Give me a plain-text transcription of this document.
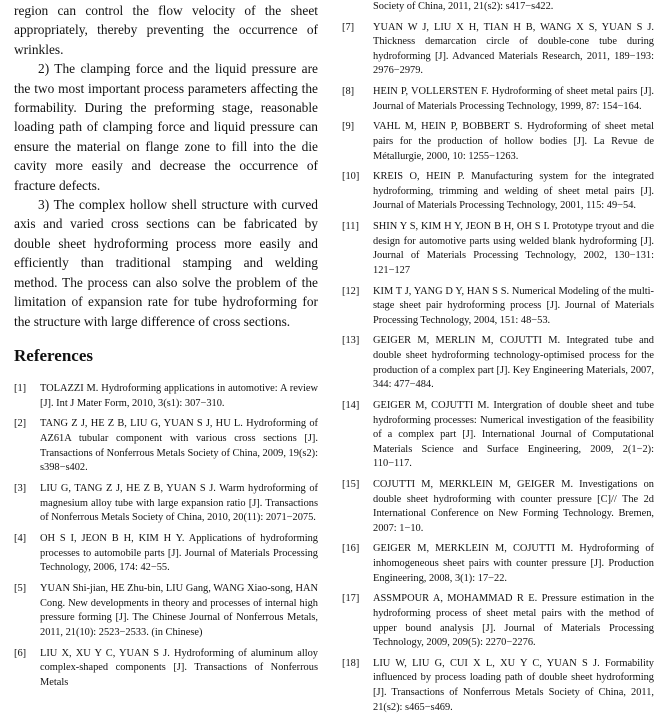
region can control the flow velocity of the sheet appropriately, thereby preventing the occurrence of wrinkles.

2) The clamping force and the liquid pressure are the two most important process parameters affecting the formability. During the preforming stage, reasonable loading path of clamping force and liquid pressure can ensure the material on flange zone to fill into the die cavity more easily and decrease the occurrence of fracture defects.

3) The complex hollow shell structure with curved axis and varied cross sections can be fabricated by double sheet hydroforming process more easily and efficiently than traditional stamping and welding method. The process can also solve the problem of the limitation of expansion rate for tube hydroforming for the structure with large difference of cross sections.

References
[1]	TOLAZZI M. Hydroforming applications in automotive: A review [J]. Int J Mater Form, 2010, 3(s1): 307−310.
[2]	TANG Z J, HE Z B, LIU G, YUAN S J, HU L. Hydroforming of AZ61A tubular component with various cross sections [J]. Transactions of Nonferrous Metals Society of China, 2009, 19(s2): s398−s402.
[3]	LIU G, TANG Z J, HE Z B, YUAN S J. Warm hydroforming of magnesium alloy tube with large expansion ratio [J]. Transactions of Nonferrous Metals Society of China, 2010, 20(11): 2071−2075.
[4]	OH S I, JEON B H, KIM H Y. Applications of hydroforming processes to automobile parts [J]. Journal of Materials Processing Technology, 2006, 174: 42−55.
[5]	YUAN Shi-jian, HE Zhu-bin, LIU Gang, WANG Xiao-song, HAN Cong. New developments in theory and processes of internal high pressure forming [J]. The Chinese Journal of Nonferrous Metals, 2011, 21(10): 2523−2533. (in Chinese)
[6]	LIU X, XU Y C, YUAN S J. Hydroforming of aluminum alloy complex-shaped components [J]. Transactions of Nonferrous Metals
Society of China, 2011, 21(s2): s417−s422.
[7]	YUAN W J, LIU X H, TIAN H B, WANG X S, YUAN S J. Thickness demarcation circle of double-cone tube during hydroforming [J]. Advanced Materials Research, 2011, 189−193: 2976−2979.
[8]	HEIN P, VOLLERSTEN F. Hydroforming of sheet metal pairs [J]. Journal of Materials Processing Technology, 1999, 87: 154−164.
[9]	VAHL M, HEIN P, BOBBERT S. Hydroforming of sheet metal pairs for the production of hollow bodies [J]. La Revue de Métallurgie, 2000, 10: 1255−1263.
[10]	KREIS O, HEIN P. Manufacturing system for the integrated hydroforming, trimming and welding of sheet metal pairs [J]. Journal of Materials Processing Technology, 2001, 115: 49−54.
[11]	SHIN Y S, KIM H Y, JEON B H, OH S I. Prototype tryout and die design for automotive parts using welded blank hydroforming [J]. Journal of Materials Processing Technology, 2002, 130−131: 121−127
[12]	KIM T J, YANG D Y, HAN S S. Numerical Modeling of the multi-stage sheet pair hydroforming process [J]. Journal of Materials Processing Technology, 2004, 151: 48−53.
[13]	GEIGER M, MERLIN M, COJUTTI M. Integrated tube and double sheet hydroforming technology-optimised process for the production of a complex part [J]. Key Engineering Materials, 2007, 344: 477−484.
[14]	GEIGER M, COJUTTI M. Intergration of double sheet and tube hydroforming processes: Numerical investigation of the feasibility of a complex part [J]. International Journal of Computational Materials Science and Surface Engineering, 2009, 2(1−2): 110−117.
[15]	COJUTTI M, MERKLEIN M, GEIGER M. Investigations on double sheet hydroforming with counter pressure [C]// The 2d International Conference on New Forming Technology. Bremen, 2007: 1−10.
[16]	GEIGER M, MERKLEIN M, COJUTTI M. Hydroforming of inhomogeneous sheet pairs with counter pressure [J]. Production Engineering, 2008, 3(1): 17−22.
[17]	ASSMPOUR A, MOHAMMAD R E. Pressure estimation in the hydroforming process of sheet metal pairs with the method of upper bound analysis [J]. Journal of Materials Processing Technology, 2009, 209(5): 2270−2276.
[18]	LIU W, LIU G, CUI X L, XU Y C, YUAN S J. Formability influenced by process loading path of double sheet hydroforming [J]. Transactions of Nonferrous Metals Society of China, 2011, 21(s2): s465−s469.
